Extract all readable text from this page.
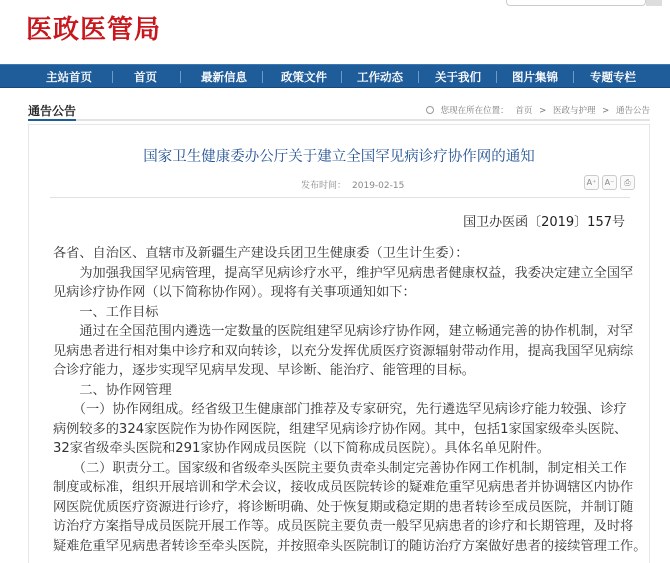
医政医管局
主站首页	首页	最新信息	政策文件	工作动态	关于我们	图片集锦	专题专栏
通告公告	您现在所在位置： 首页 > 医政与护理 > 通告公告
国家卫生健康委办公厅关于建立全国罕见病诊疗协作网的通知
发布时间： 2019-02-15	A⁺	A⁻	⎙
国卫办医函〔2019〕157号

各省、自治区、直辖市及新疆生产建设兵团卫生健康委（卫生计生委）：

　　为加强我国罕见病管理，提高罕见病诊疗水平，维护罕见病患者健康权益，我委决定建立全国罕

见病诊疗协作网（以下简称协作网）。现将有关事项通知如下：

　　一、工作目标

　　通过在全国范围内遴选一定数量的医院组建罕见病诊疗协作网，建立畅通完善的协作机制，对罕

见病患者进行相对集中诊疗和双向转诊，以充分发挥优质医疗资源辐射带动作用，提高我国罕见病综

合诊疗能力，逐步实现罕见病早发现、早诊断、能治疗、能管理的目标。

　　二、协作网管理

　　（一）协作网组成。经省级卫生健康部门推荐及专家研究，先行遴选罕见病诊疗能力较强、诊疗

病例较多的324家医院作为协作网医院，组建罕见病诊疗协作网。其中，包括1家国家级牵头医院、

32家省级牵头医院和291家协作网成员医院（以下简称成员医院）。具体名单见附件。

　　（二）职责分工。国家级和省级牵头医院主要负责牵头制定完善协作网工作机制，制定相关工作

制度或标准，组织开展培训和学术会议，接收成员医院转诊的疑难危重罕见病患者并协调辖区内协作

网医院优质医疗资源进行诊疗，将诊断明确、处于恢复期或稳定期的患者转诊至成员医院，并制订随

访治疗方案指导成员医院开展工作等。成员医院主要负责一般罕见病患者的诊疗和长期管理，及时将

疑难危重罕见病患者转诊至牵头医院，并按照牵头医院制订的随访治疗方案做好患者的接续管理工作。
